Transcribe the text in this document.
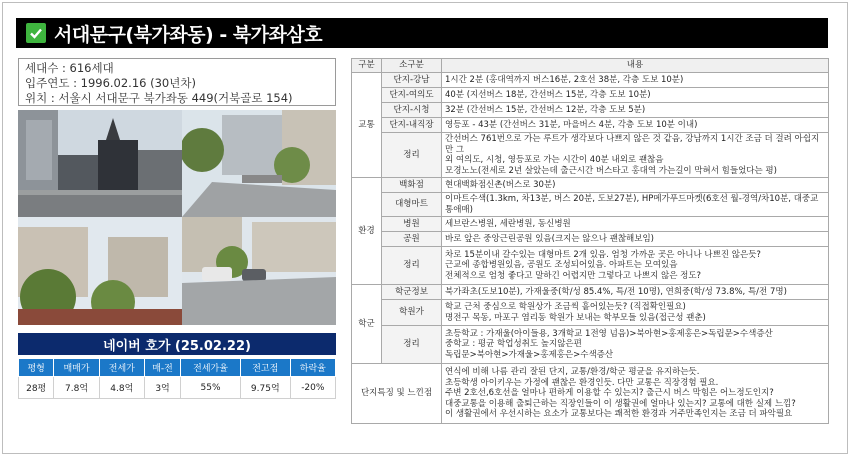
서대문구(북가좌동) - 북가좌삼호
세대수 : 616세대
입주연도 : 1996.02.16 (30년차)
위치 : 서울시 서대문구 북가좌동 449(거북골로 154)
네이버 호가 (25.02.22)
평형	매매가	전세가	매-전	전세가율	전고점	하락율
28평	7.8억	4.8억	3억	55%	9.75억	-20%
구분	소구분	내용
교통	단지-강남	1시간 2분 (홍대역까지 버스16분, 2호선 38분, 각층 도보 10분)
	단지-여의도	40분 (지선버스 18분, 간선버스 15분, 각층 도보 10분)
	단지-시청	32분 (간선버스 15분, 간선버스 12분, 각층 도보 5분)
	단지-내직장	영등포 - 43분 (간선버스 31분, 마을버스 4분, 각층 도보 10분 이내)
	정리	간선버스 761번으로 가는 루트가 생각보다 나쁘지 않은 것 같음, 강남까지 1시간 조금 더 걸려 아쉽지만 그
외 여의도, 시청, 영등포로 가는 시간이 40분 내외로 괜찮음
모경노노(전세로 2년 살았는데 출근시간 버스타고 홍대역 가는길이 막혀서 힘들었다는 평)

환경	백화점	현대백화점신촌(버스로 30분)
	대형마트	이마트수색(1.3km, 차13분, 버스 20분, 도보27분), HP메가푸드마켓(6호선 월-경역/차10분, 대중교통애매)
	병원	세브란스병원, 세란병원, 동신병원
	공원	바로 앞은 중앙근린공원 있음(크지는 않으나 괜찮해보임)
	정리	차로 15분이내 갈수있는 대형마트 2개 있음. 엄청 가까운 곳은 아니나 나쁘진 않은듯?
근교에 종합병원있음, 공원도 조성되어있음. 아파트는 모여있음
전체적으로 엄청 좋다고 말하긴 어렵지만 그렇다고 나쁘지 않은 정도?

학군	학군정보	북가좌초(도보10분), 가재울중(학/성 85.4%, 특/전 10명), 연희중(학/성 73.8%, 특/전 7명)
	학원가	학교 근처 중심으로 학원상가 조금씩 흩어있는듯? (직접확인필요)
명전구 목동, 마포구 염리동 학원가 보내는 학부모들 있음(접근성 괜춘)

	정리	초등학교 : 가재울(아이들용, 3개학교 1전영 넘음)>북아현>홍제홍은>독립문>수색증산
중학교 : 평균 학업성취도 높지않은편
독립문>북아현>가재울>홍제홍은>수색증산

단지특징 및 느낀점		연식에 비해 나름 관리 잘된 단지, 교통/환경/학군 평균을 유지하는듯.
초등학생 아이키우는 가정에 괜찮은 환경인듯. 다만 교통은 직장경험 필요.
주변 2호선,6호선을 얼마나 편하게 이용할 수 있는지? 출근시 버스 막힘은 어느정도인지?
대중교통을 이용해 출퇴근하는 직장인들이 이 생활권에 얼마나 있는지? 교통에 대한 실제 느낌?
이 생활권에서 우선시하는 요소가 교통보다는 쾌적한 환경과 거주만족인지는 조금 더 파악필요
